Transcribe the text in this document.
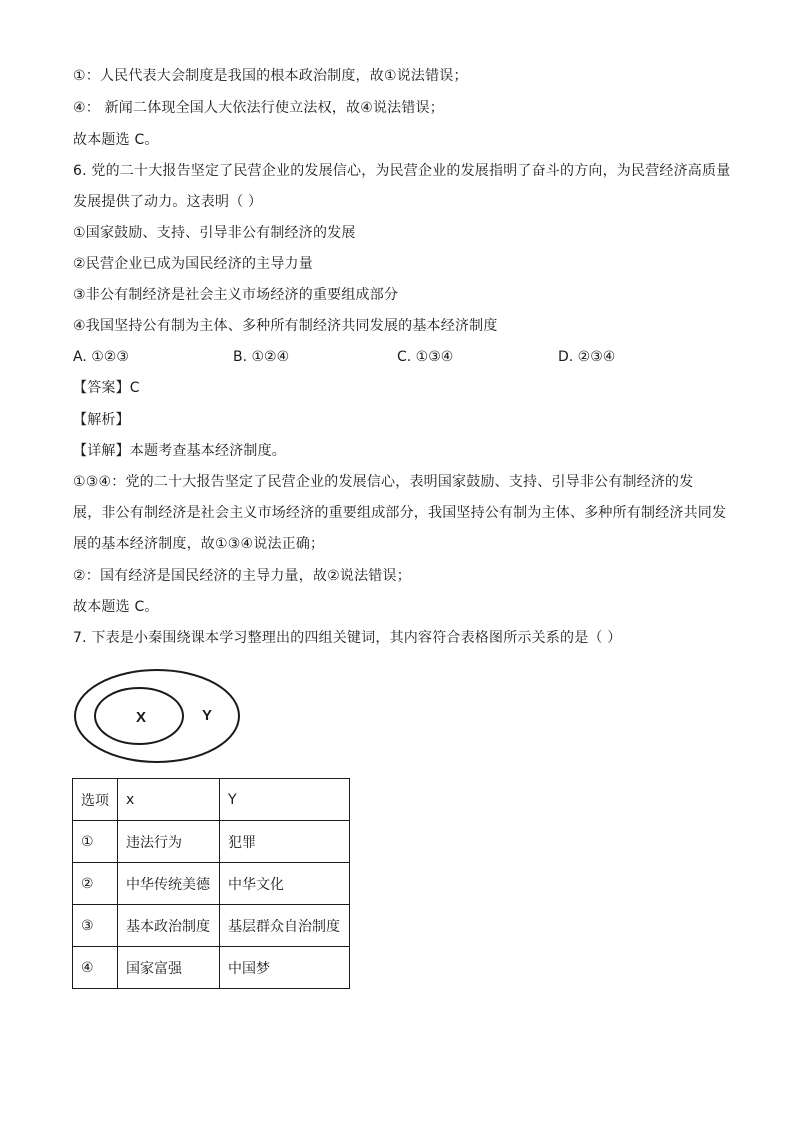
①：人民代表大会制度是我国的根本政治制度，故①说法错误；
④： 新闻二体现全国人大依法行使立法权，故④说法错误；
故本题选 C。
6. 党的二十大报告坚定了民营企业的发展信心，为民营企业的发展指明了奋斗的方向，为民营经济高质量
发展提供了动力。这表明（ ）
①国家鼓励、支持、引导非公有制经济的发展
②民营企业已成为国民经济的主导力量
③非公有制经济是社会主义市场经济的重要组成部分
④我国坚持公有制为主体、多种所有制经济共同发展的基本经济制度
A. ①②③	B. ①②④	C. ①③④	D. ②③④
【答案】C
【解析】
【详解】本题考查基本经济制度。
①③④：党的二十大报告坚定了民营企业的发展信心，表明国家鼓励、支持、引导非公有制经济的发
展，非公有制经济是社会主义市场经济的重要组成部分，我国坚持公有制为主体、多种所有制经济共同发
展的基本经济制度，故①③④说法正确；
②：国有经济是国民经济的主导力量，故②说法错误；
故本题选 C。
7. 下表是小秦围绕课本学习整理出的四组关键词，其内容符合表格图所示关系的是（ ）
X	Y
选项	x	Y
①	违法行为	犯罪
②	中华传统美德	中华文化
③	基本政治制度	基层群众自治制度
④	国家富强	中国梦
